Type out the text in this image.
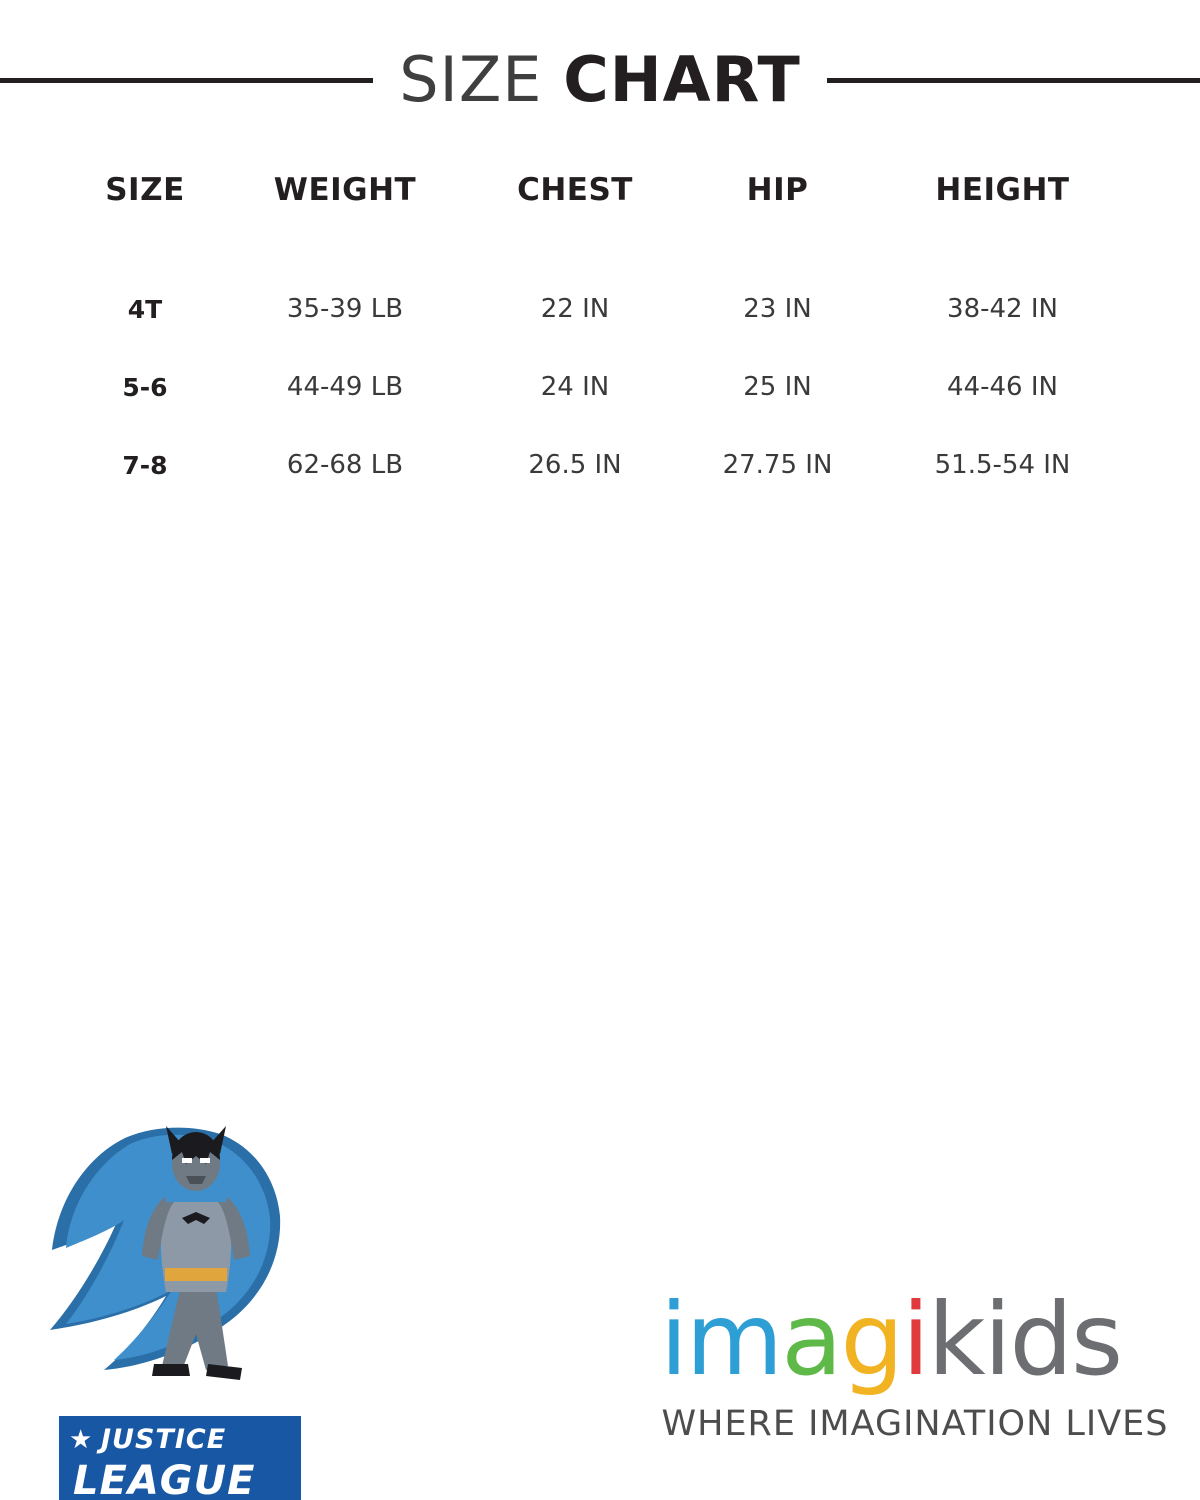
SIZE CHART
SIZE	WEIGHT	CHEST	HIP	HEIGHT
4T	35-39 LB	22 IN	23 IN	38-42 IN
5-6	44-49 LB	24 IN	25 IN	44-46 IN
7-8	62-68 LB	26.5 IN	27.75 IN	51.5-54 IN
★ JUSTICE
LEAGUE
imagikids
WHERE IMAGINATION LIVES
